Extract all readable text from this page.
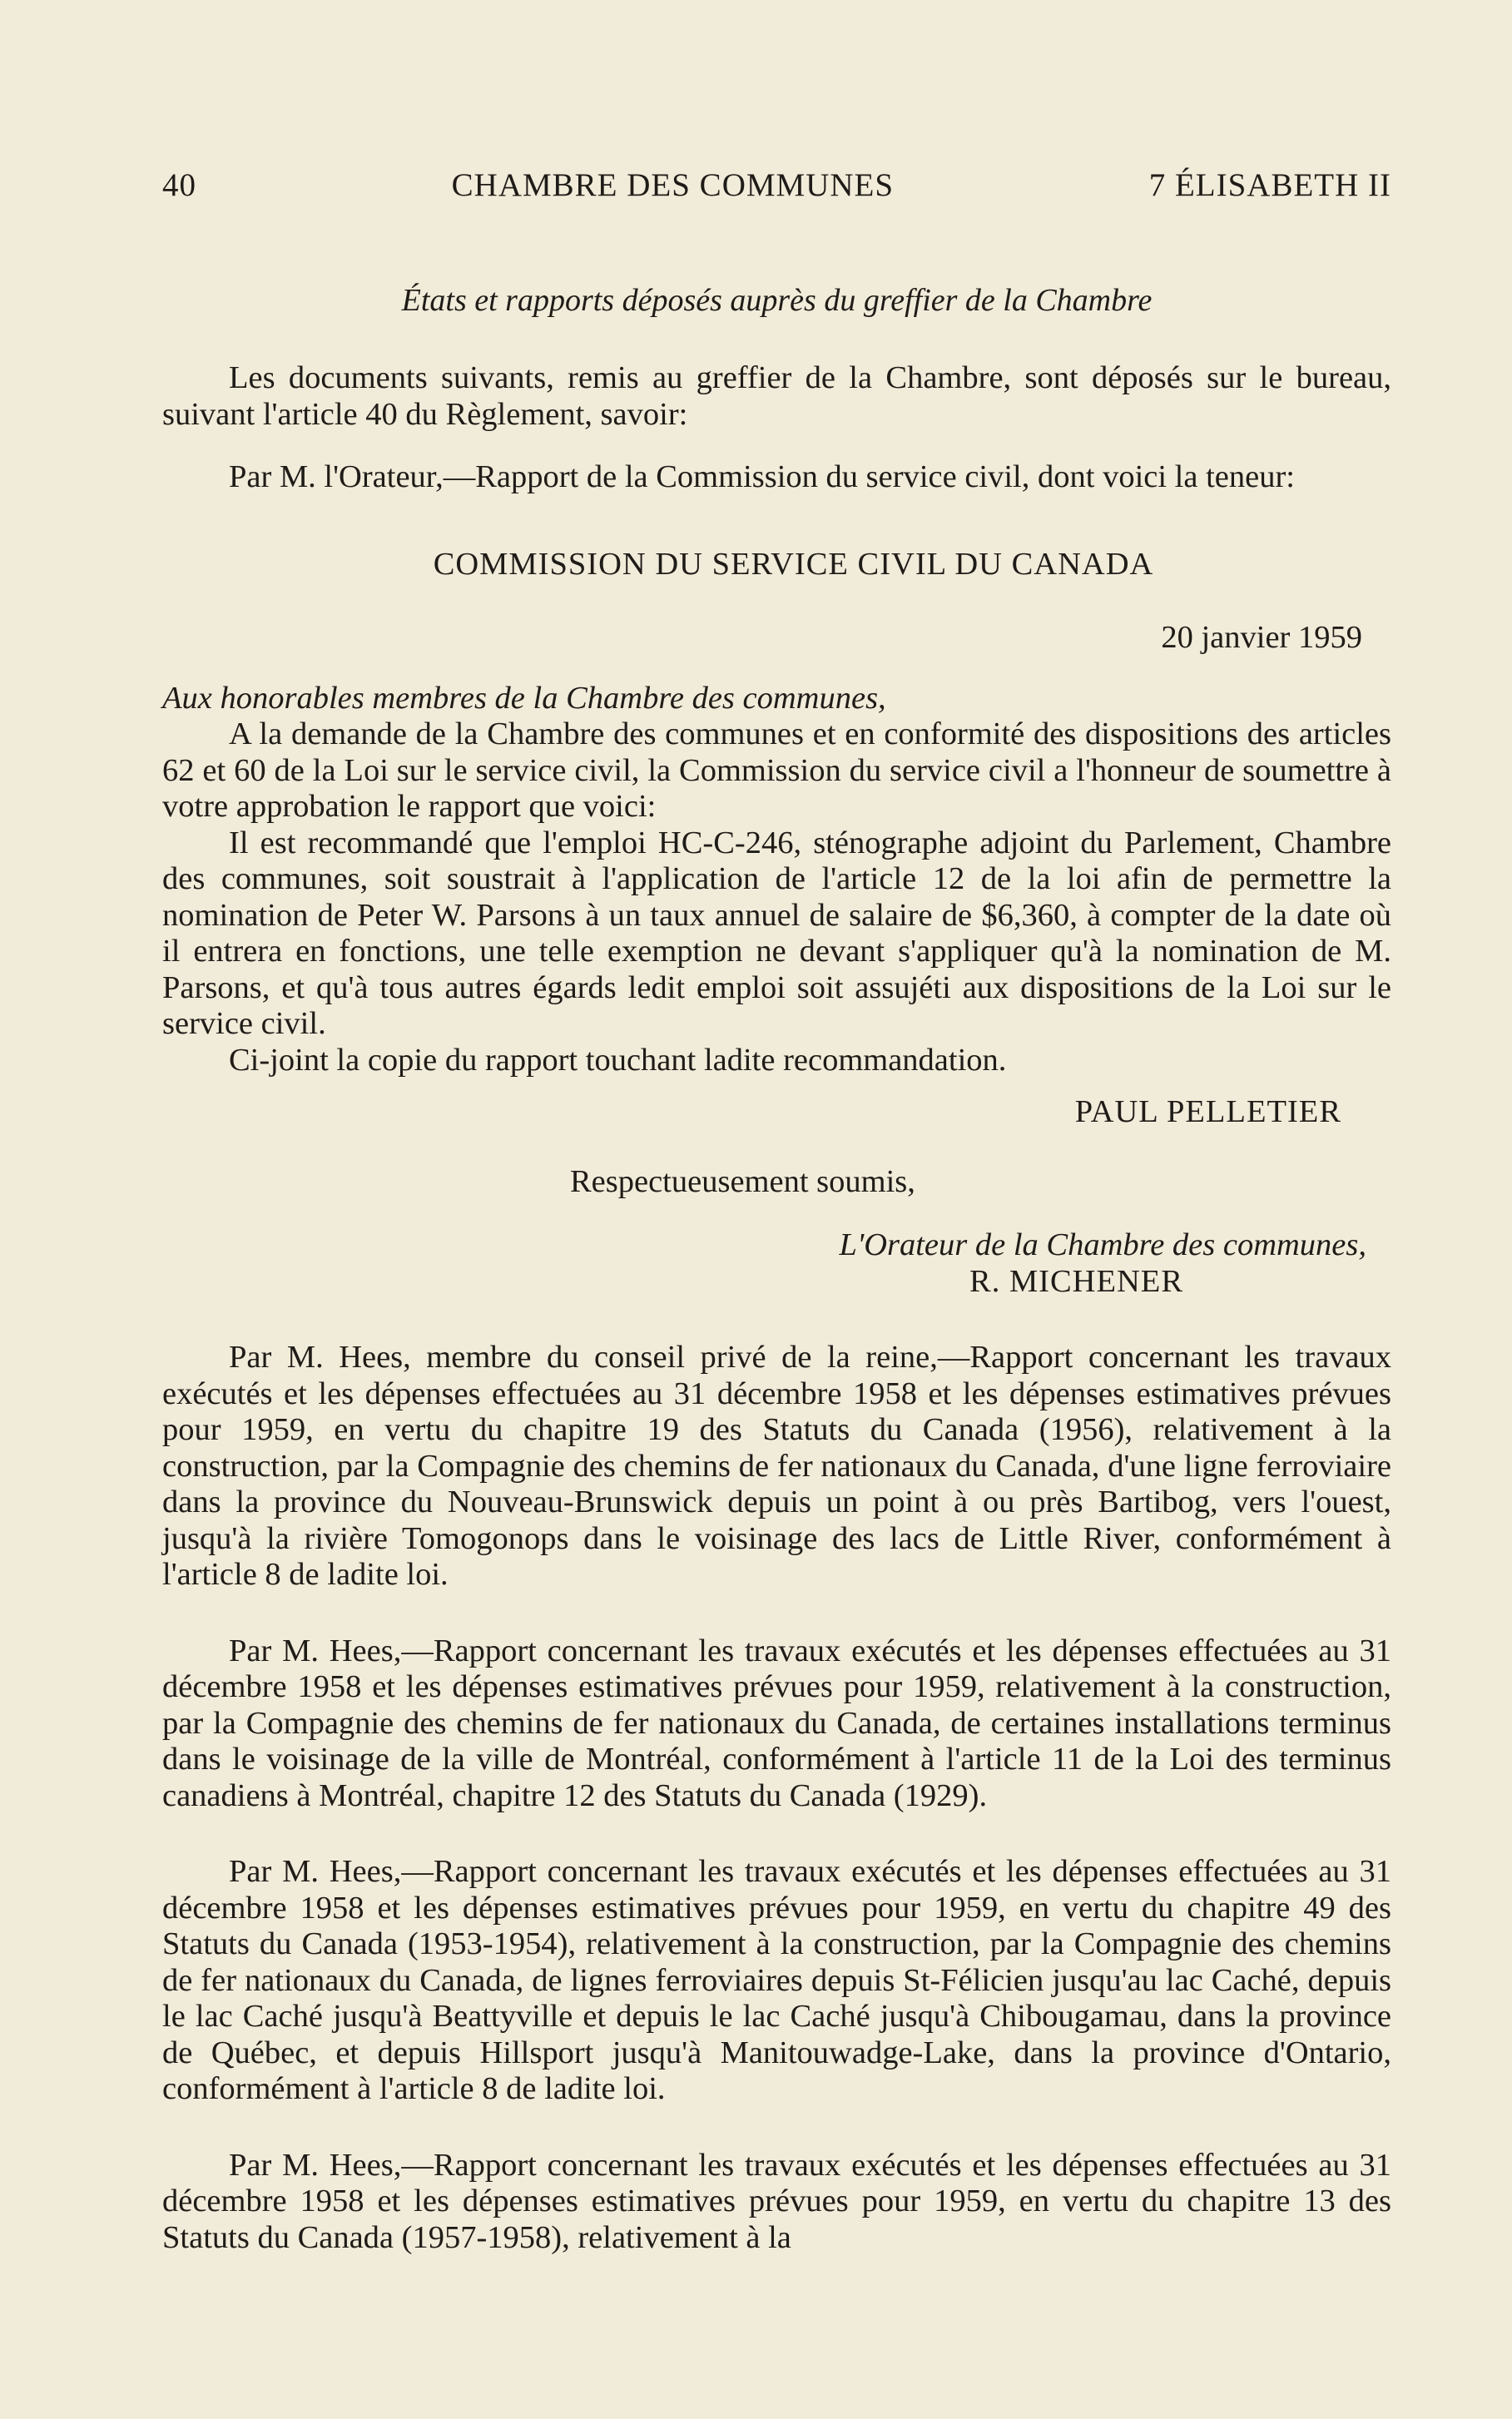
40	CHAMBRE DES COMMUNES	7 ÉLISABETH II
États et rapports déposés auprès du greffier de la Chambre

Les documents suivants, remis au greffier de la Chambre, sont déposés sur le bureau, suivant l'article 40 du Règlement, savoir:

Par M. l'Orateur,—Rapport de la Commission du service civil, dont voici la teneur:

COMMISSION DU SERVICE CIVIL DU CANADA
20 janvier 1959

Aux honorables membres de la Chambre des communes,

A la demande de la Chambre des communes et en conformité des dispositions des articles 62 et 60 de la Loi sur le service civil, la Commission du service civil a l'honneur de soumettre à votre approbation le rapport que voici:

Il est recommandé que l'emploi HC-C-246, sténographe adjoint du Parlement, Chambre des communes, soit soustrait à l'application de l'article 12 de la loi afin de permettre la nomination de Peter W. Parsons à un taux annuel de salaire de $6,360, à compter de la date où il entrera en fonctions, une telle exemption ne devant s'appliquer qu'à la nomination de M. Parsons, et qu'à tous autres égards ledit emploi soit assujéti aux dispositions de la Loi sur le service civil.

Ci-joint la copie du rapport touchant ladite recommandation.

PAUL PELLETIER
Respectueusement soumis,
L'Orateur de la Chambre des communes,
R. MICHENER

Par M. Hees, membre du conseil privé de la reine,—Rapport concernant les travaux exécutés et les dépenses effectuées au 31 décembre 1958 et les dépenses estimatives prévues pour 1959, en vertu du chapitre 19 des Statuts du Canada (1956), relativement à la construction, par la Compagnie des chemins de fer nationaux du Canada, d'une ligne ferroviaire dans la province du Nouveau-Brunswick depuis un point à ou près Bartibog, vers l'ouest, jusqu'à la rivière Tomogonops dans le voisinage des lacs de Little River, conformément à l'article 8 de ladite loi.

Par M. Hees,—Rapport concernant les travaux exécutés et les dépenses effectuées au 31 décembre 1958 et les dépenses estimatives prévues pour 1959, relativement à la construction, par la Compagnie des chemins de fer nationaux du Canada, de certaines installations terminus dans le voisinage de la ville de Montréal, conformément à l'article 11 de la Loi des terminus canadiens à Montréal, chapitre 12 des Statuts du Canada (1929).

Par M. Hees,—Rapport concernant les travaux exécutés et les dépenses effectuées au 31 décembre 1958 et les dépenses estimatives prévues pour 1959, en vertu du chapitre 49 des Statuts du Canada (1953-1954), relativement à la construction, par la Compagnie des chemins de fer nationaux du Canada, de lignes ferroviaires depuis St-Félicien jusqu'au lac Caché, depuis le lac Caché jusqu'à Beattyville et depuis le lac Caché jusqu'à Chibougamau, dans la province de Québec, et depuis Hillsport jusqu'à Manitouwadge-Lake, dans la province d'Ontario, conformément à l'article 8 de ladite loi.

Par M. Hees,—Rapport concernant les travaux exécutés et les dépenses effectuées au 31 décembre 1958 et les dépenses estimatives prévues pour 1959, en vertu du chapitre 13 des Statuts du Canada (1957-1958), relativement à la
